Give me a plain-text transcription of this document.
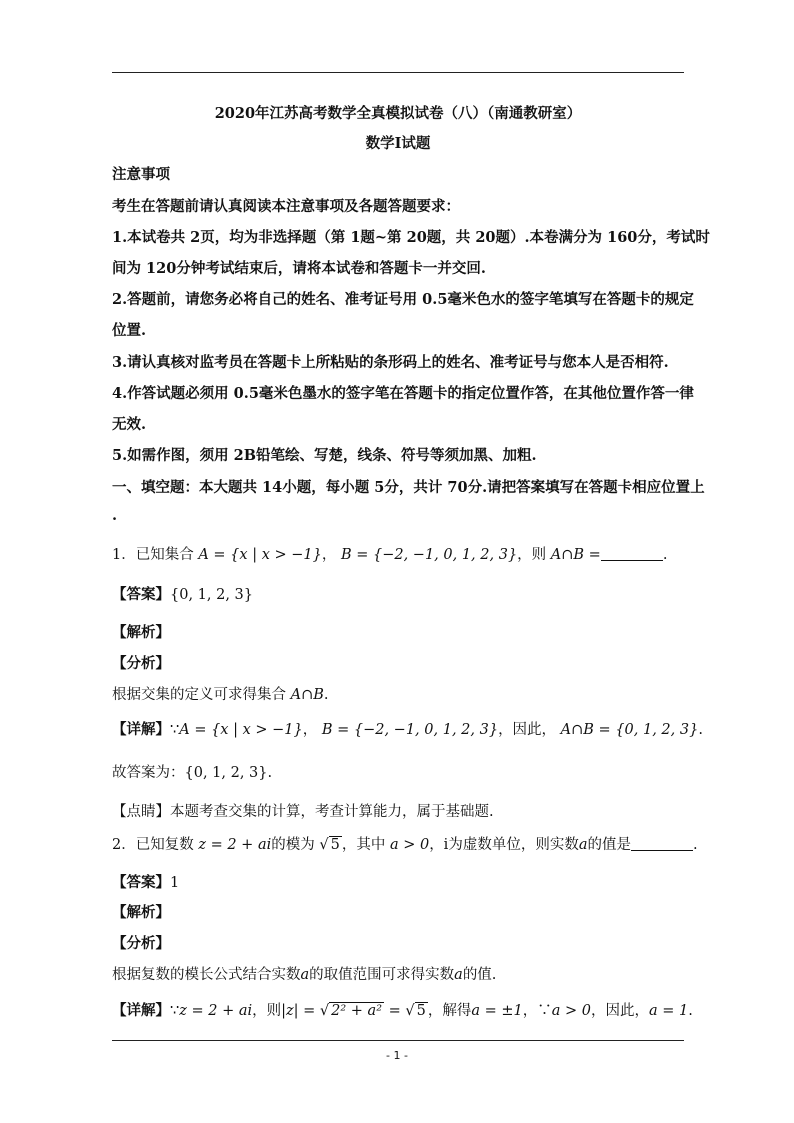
2020年江苏高考数学全真模拟试卷（八）（南通教研室）
数学Ⅰ试题
注意事项
考生在答题前请认真阅读本注意事项及各题答题要求：
1.本试卷共 2页，均为非选择题（第 1题~第 20题，共 20题）.本卷满分为 160分，考试时
间为 120分钟考试结束后，请将本试卷和答题卡一并交回.
2.答题前，请您务必将自己的姓名、准考证号用 0.5毫米色水的签字笔填写在答题卡的规定
位置.
3.请认真核对监考员在答题卡上所粘贴的条形码上的姓名、准考证号与您本人是否相符.
4.作答试题必须用 0.5毫米色墨水的签字笔在答题卡的指定位置作答，在其他位置作答一律
无效.
5.如需作图，须用 2B铅笔绘、写楚，线条、符号等须加黑、加粗.
一、填空题：本大题共 14小题，每小题 5分，共计 70分.请把答案填写在答题卡相应位置上
.
1．已知集合 A = {x | x > −1}， B = {−2, −1, 0, 1, 2, 3}，则 A∩B =	.
【答案】{0, 1, 2, 3}
【解析】
【分析】
根据交集的定义可求得集合 A∩B.
【详解】∵A = {x | x > −1}， B = {−2, −1, 0, 1, 2, 3}，因此， A∩B = {0, 1, 2, 3}.
故答案为：{0, 1, 2, 3}.
【点睛】本题考查交集的计算，考查计算能力，属于基础题.
2．已知复数 z = 2 + ai的模为 √ 5 ，其中 a > 0，i为虚数单位，则实数a的值是	.
【答案】1
【解析】
【分析】
根据复数的模长公式结合实数a的取值范围可求得实数a的值.
【详解】∵z = 2 + ai，则|z| = √ 2² + a² = √ 5 ，解得a = ±1，∵a > 0，因此，a = 1.
- 1 -
